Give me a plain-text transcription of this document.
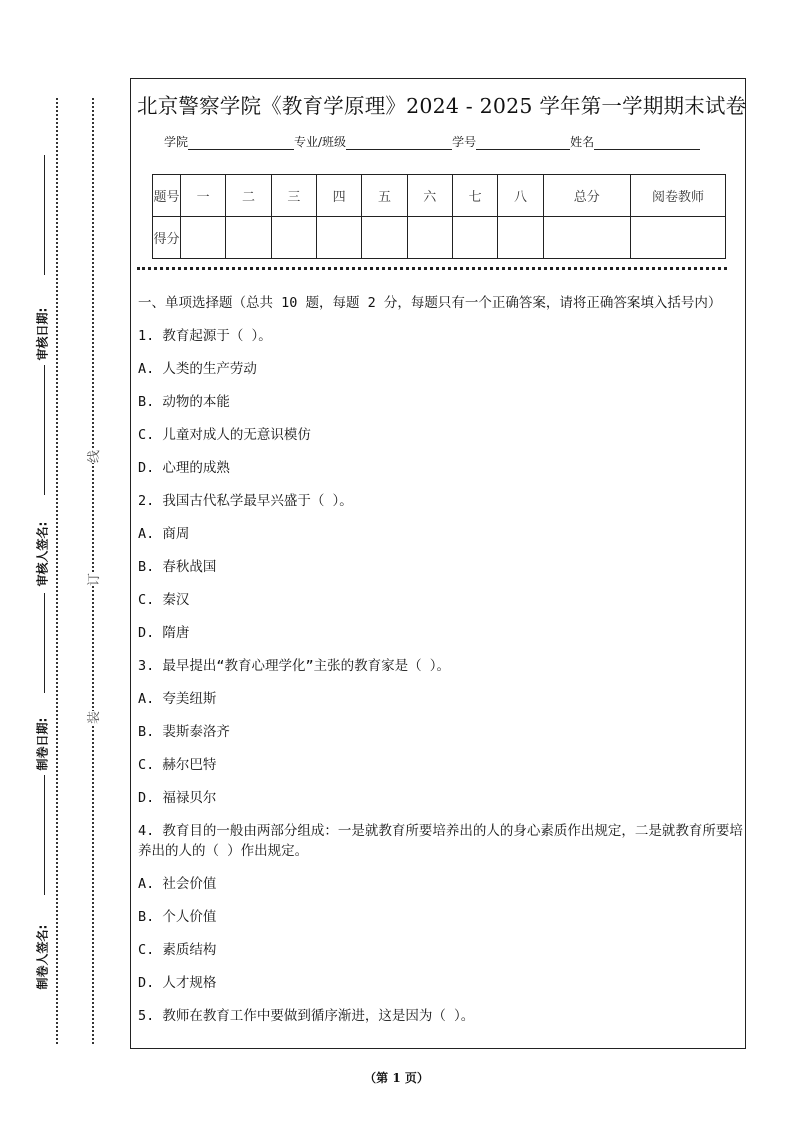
审核日期:
审核人签名:
制卷日期:
制卷人签名:
线
订
装
北京警察学院《教育学原理》2024 - 2025 学年第一学期期末试卷
学院	专业/班级	学号	姓名
题号	一	二	三	四	五	六	七	八	总分	阅卷教师
得分										
一、单项选择题（总共 10 题，每题 2 分，每题只有一个正确答案，请将正确答案填入括号内）
1. 教育起源于（ ）。
A. 人类的生产劳动
B. 动物的本能
C. 儿童对成人的无意识模仿
D. 心理的成熟
2. 我国古代私学最早兴盛于（ ）。
A. 商周
B. 春秋战国
C. 秦汉
D. 隋唐
3. 最早提出“教育心理学化”主张的教育家是（ ）。
A. 夸美纽斯
B. 裴斯泰洛齐
C. 赫尔巴特
D. 福禄贝尔
4. 教育目的一般由两部分组成：一是就教育所要培养出的人的身心素质作出规定，二是就教育所要培养出的人的（ ）作出规定。
A. 社会价值
B. 个人价值
C. 素质结构
D. 人才规格
5. 教师在教育工作中要做到循序渐进，这是因为（ ）。
（第 1 页）
